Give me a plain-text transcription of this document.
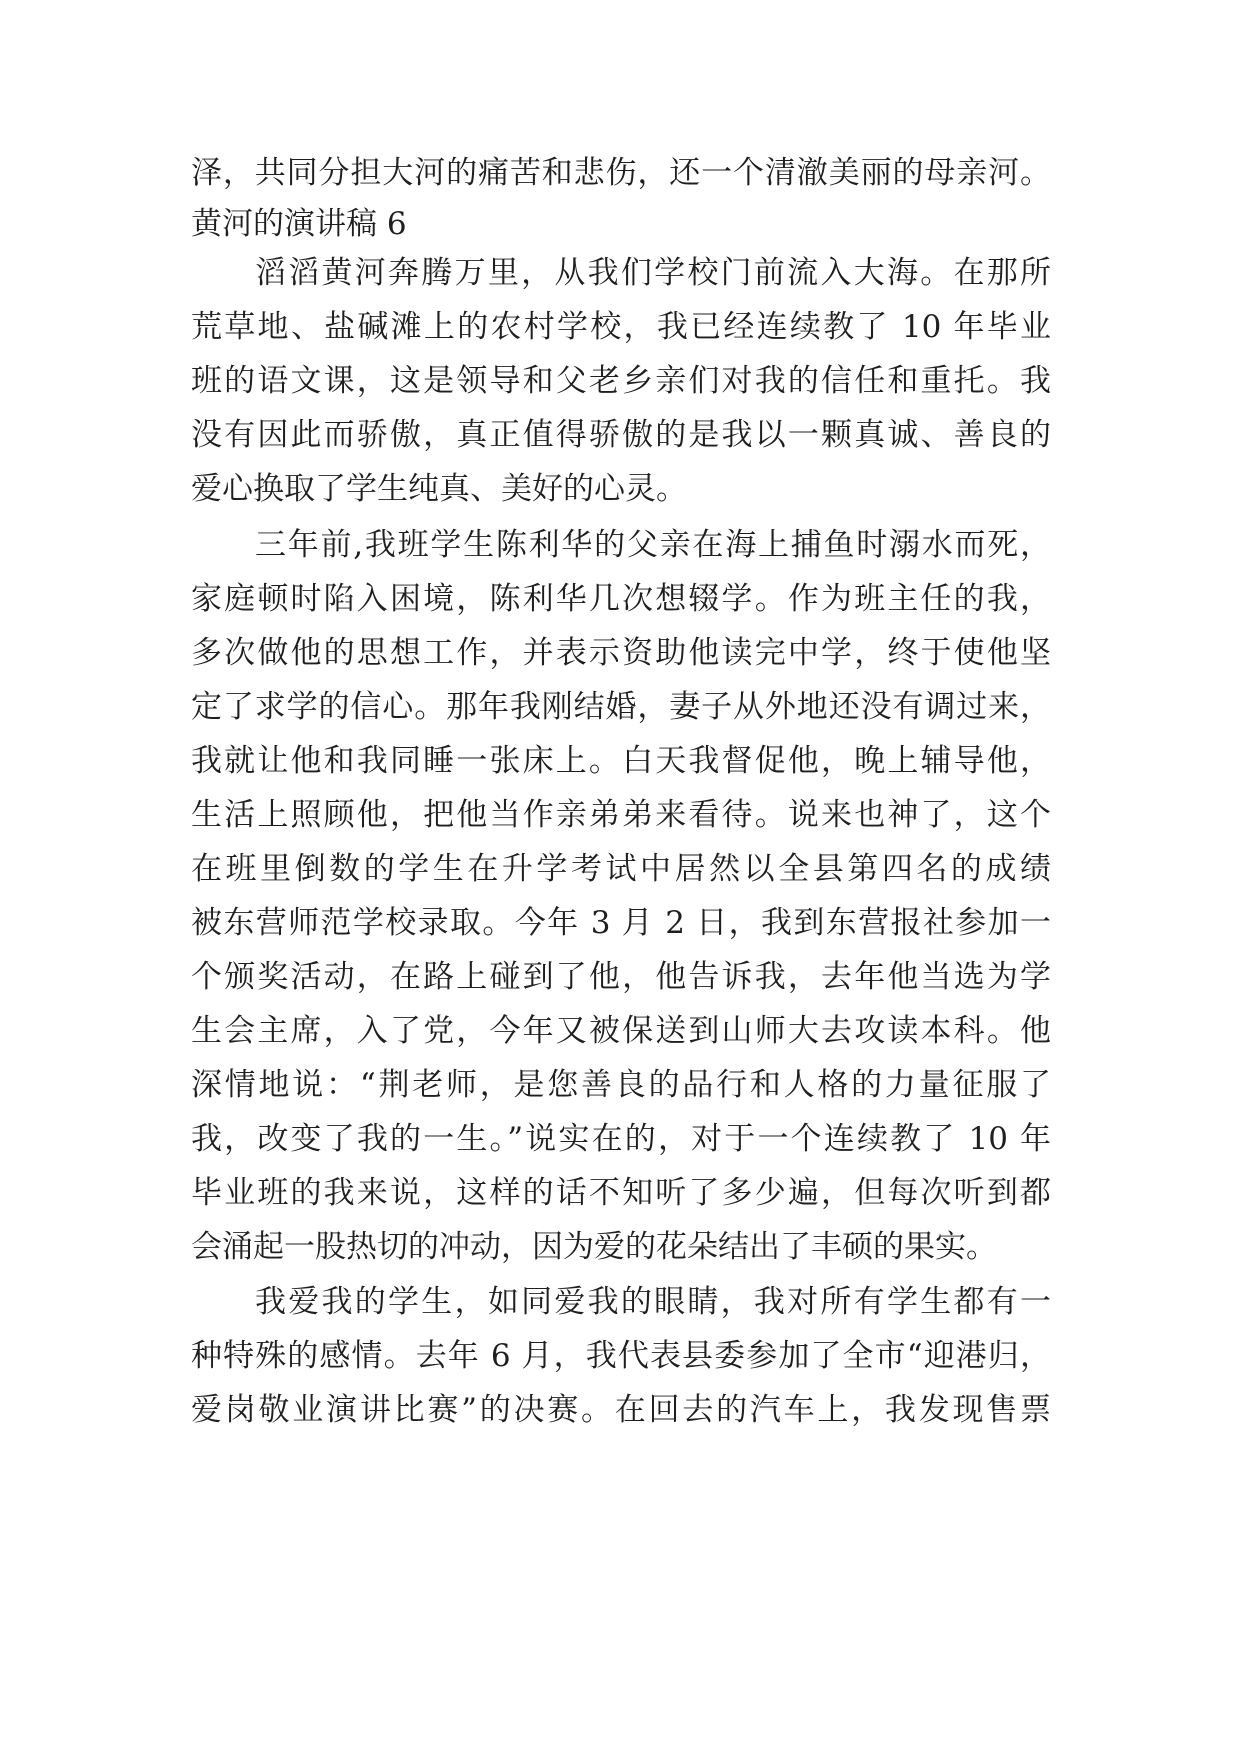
泽，共同分担大河的痛苦和悲伤，还一个清澈美丽的母亲河。
黄河的演讲稿 6
滔滔黄河奔腾万里，从我们学校门前流入大海。在那所
荒草地、盐碱滩上的农村学校，我已经连续教了 10 年毕业
班的语文课，这是领导和父老乡亲们对我的信任和重托。我
没有因此而骄傲，真正值得骄傲的是我以一颗真诚、善良的
爱心换取了学生纯真、美好的心灵。
三年前,我班学生陈利华的父亲在海上捕鱼时溺水而死，
家庭顿时陷入困境，陈利华几次想辍学。作为班主任的我，
多次做他的思想工作，并表示资助他读完中学，终于使他坚
定了求学的信心。那年我刚结婚，妻子从外地还没有调过来，
我就让他和我同睡一张床上。白天我督促他，晚上辅导他，
生活上照顾他，把他当作亲弟弟来看待。说来也神了，这个
在班里倒数的学生在升学考试中居然以全县第四名的成绩
被东营师范学校录取。今年 3 月 2 日，我到东营报社参加一
个颁奖活动，在路上碰到了他，他告诉我，去年他当选为学
生会主席，入了党，今年又被保送到山师大去攻读本科。他
深情地说：“荆老师，是您善良的品行和人格的力量征服了
我，改变了我的一生。”说实在的，对于一个连续教了 10 年
毕业班的我来说，这样的话不知听了多少遍，但每次听到都
会涌起一股热切的冲动，因为爱的花朵结出了丰硕的果实。
我爱我的学生，如同爱我的眼睛，我对所有学生都有一
种特殊的感情。去年 6 月，我代表县委参加了全市“迎港归，
爱岗敬业演讲比赛”的决赛。在回去的汽车上，我发现售票
